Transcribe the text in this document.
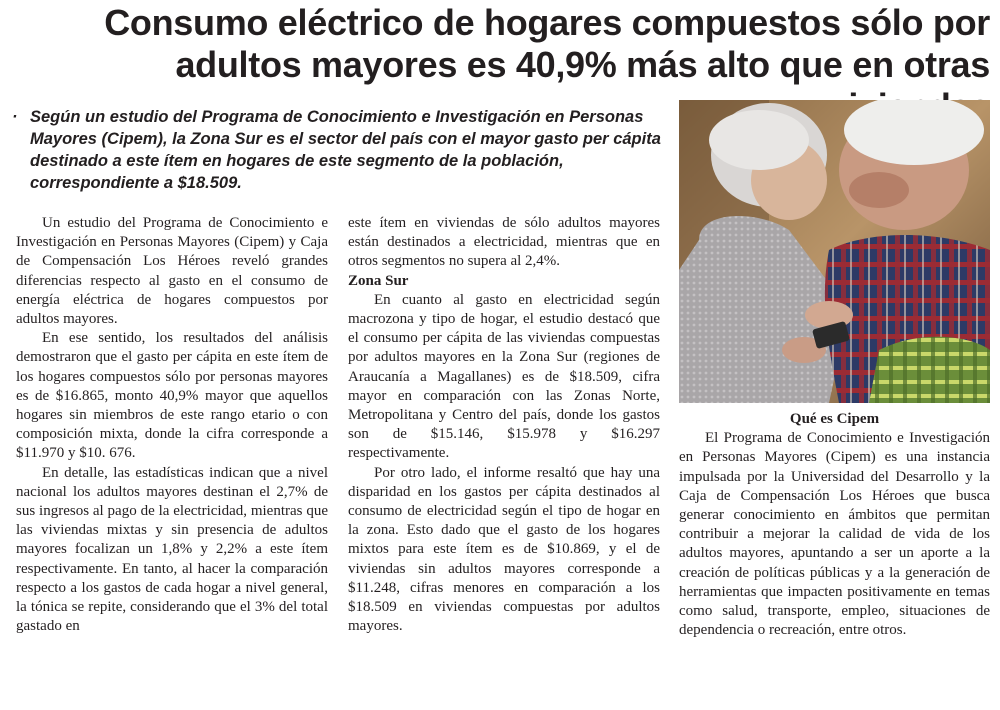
Consumo eléctrico de hogares compuestos sólo por adultos mayores es 40,9% más alto que en otras
· Según un estudio del Programa de Conocimiento e Investigación en Personas Mayores (Cipem), la Zona Sur es el sector del país con el mayor gasto per cápita destinado a este ítem en hogares de este segmento de la población, correspondiente a $18.509.

Un estudio del Programa de Conocimiento e Investigación en Personas Mayores (Cipem) y Caja de Compensación Los Héroes reveló grandes diferencias respecto al gasto en el consumo de energía eléctrica de hogares compuestos por adultos mayores.

En ese sentido, los resultados del análisis demostraron que el gasto per cápita en este ítem de los hogares compuestos sólo por personas mayores es de $16.865, monto 40,9% mayor que aquellos hogares sin miembros de este rango etario o con composición mixta, donde la cifra corresponde a $11.970 y $10. 676.

En detalle, las estadísticas indican que a nivel nacional los adultos mayores destinan el 2,7% de sus ingresos al pago de la electricidad, mientras que las viviendas mixtas y sin presencia de adultos mayores focalizan un 1,8% y 2,2% a este ítem respectivamente. En tanto, al hacer la comparación respecto a los gastos de cada hogar a nivel general, la tónica se repite, considerando que el 3% del total gastado en

este ítem en viviendas de sólo adultos mayores están destinados a electricidad, mientras que en otros segmentos no supera al 2,4%.

Zona Sur

En cuanto al gasto en electricidad según macrozona y tipo de hogar, el estudio destacó que el consumo per cápita de las viviendas compuestas por adultos mayores en la Zona Sur (regiones de Araucanía a Magallanes) es de $18.509, cifra mayor en comparación con las Zonas Norte, Metropolitana y Centro del país, donde los gastos son de $15.146, $15.978 y $16.297 respectivamente.

Por otro lado, el informe resaltó que hay una disparidad en los gastos per cápita destinados al consumo de electricidad según el tipo de hogar en la zona. Esto dado que el gasto de los hogares mixtos para este ítem es de $10.869, y el de viviendas sin adultos mayores corresponde a $11.248, cifras menores en comparación a los $18.509 en viviendas compuestas por adultos mayores.

Qué es Cipem

El Programa de Conocimiento e Investigación en Personas Mayores (Cipem) es una instancia impulsada por la Universidad del Desarrollo y la Caja de Compensación Los Héroes que busca generar conocimiento en ámbitos que permitan contribuir a mejorar la calidad de vida de los adultos mayores, apuntando a ser un aporte a la creación de políticas públicas y a la generación de herramientas que impacten positivamente en temas como salud, transporte, empleo, situaciones de dependencia o recreación, entre otros.
